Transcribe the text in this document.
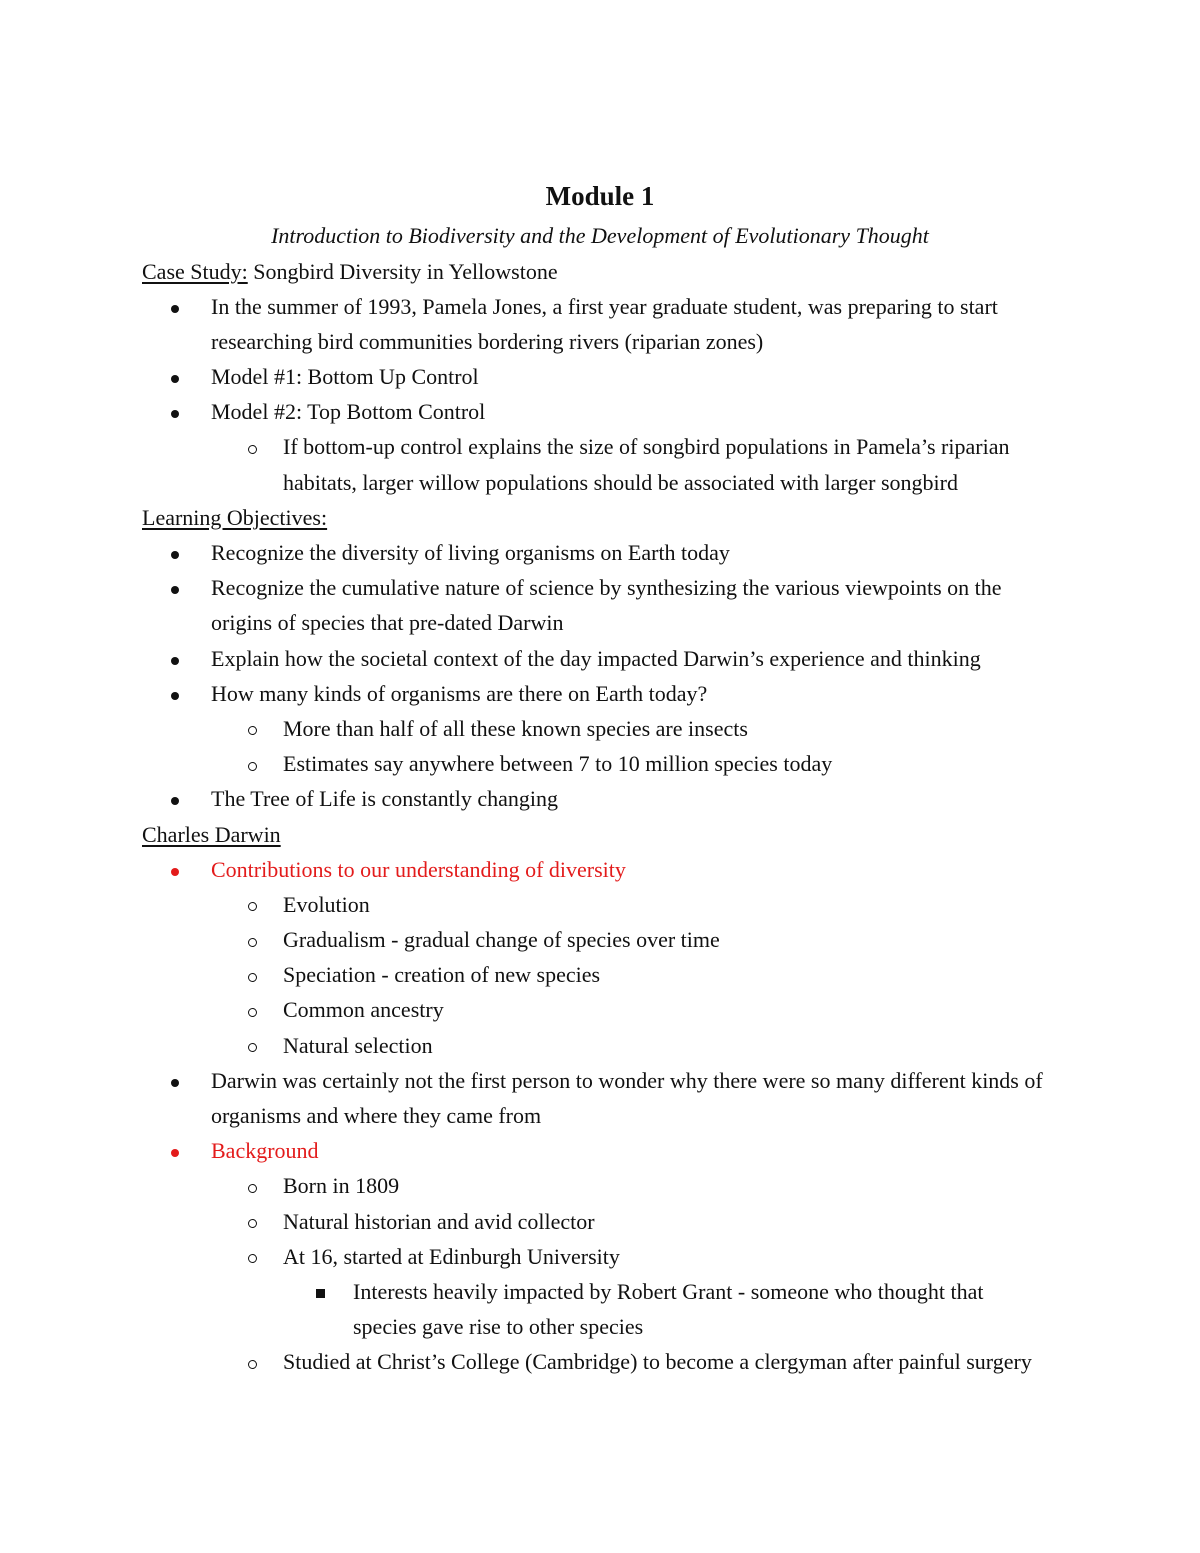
Module 1
Introduction to Biodiversity and the Development of Evolutionary Thought
Case Study: Songbird Diversity in Yellowstone
In the summer of 1993, Pamela Jones, a first year graduate student, was preparing to start
researching bird communities bordering rivers (riparian zones)
Model #1: Bottom Up Control
Model #2: Top Bottom Control
If bottom-up control explains the size of songbird populations in Pamela’s riparian
habitats, larger willow populations should be associated with larger songbird
Learning Objectives:
Recognize the diversity of living organisms on Earth today
Recognize the cumulative nature of science by synthesizing the various viewpoints on the
origins of species that pre-dated Darwin
Explain how the societal context of the day impacted Darwin’s experience and thinking
How many kinds of organisms are there on Earth today?
More than half of all these known species are insects
Estimates say anywhere between 7 to 10 million species today
The Tree of Life is constantly changing
Charles Darwin
Contributions to our understanding of diversity
Evolution
Gradualism - gradual change of species over time
Speciation - creation of new species
Common ancestry
Natural selection
Darwin was certainly not the first person to wonder why there were so many different kinds of
organisms and where they came from
Background
Born in 1809
Natural historian and avid collector
At 16, started at Edinburgh University
Interests heavily impacted by Robert Grant - someone who thought that
species gave rise to other species
Studied at Christ’s College (Cambridge) to become a clergyman after painful surgery
